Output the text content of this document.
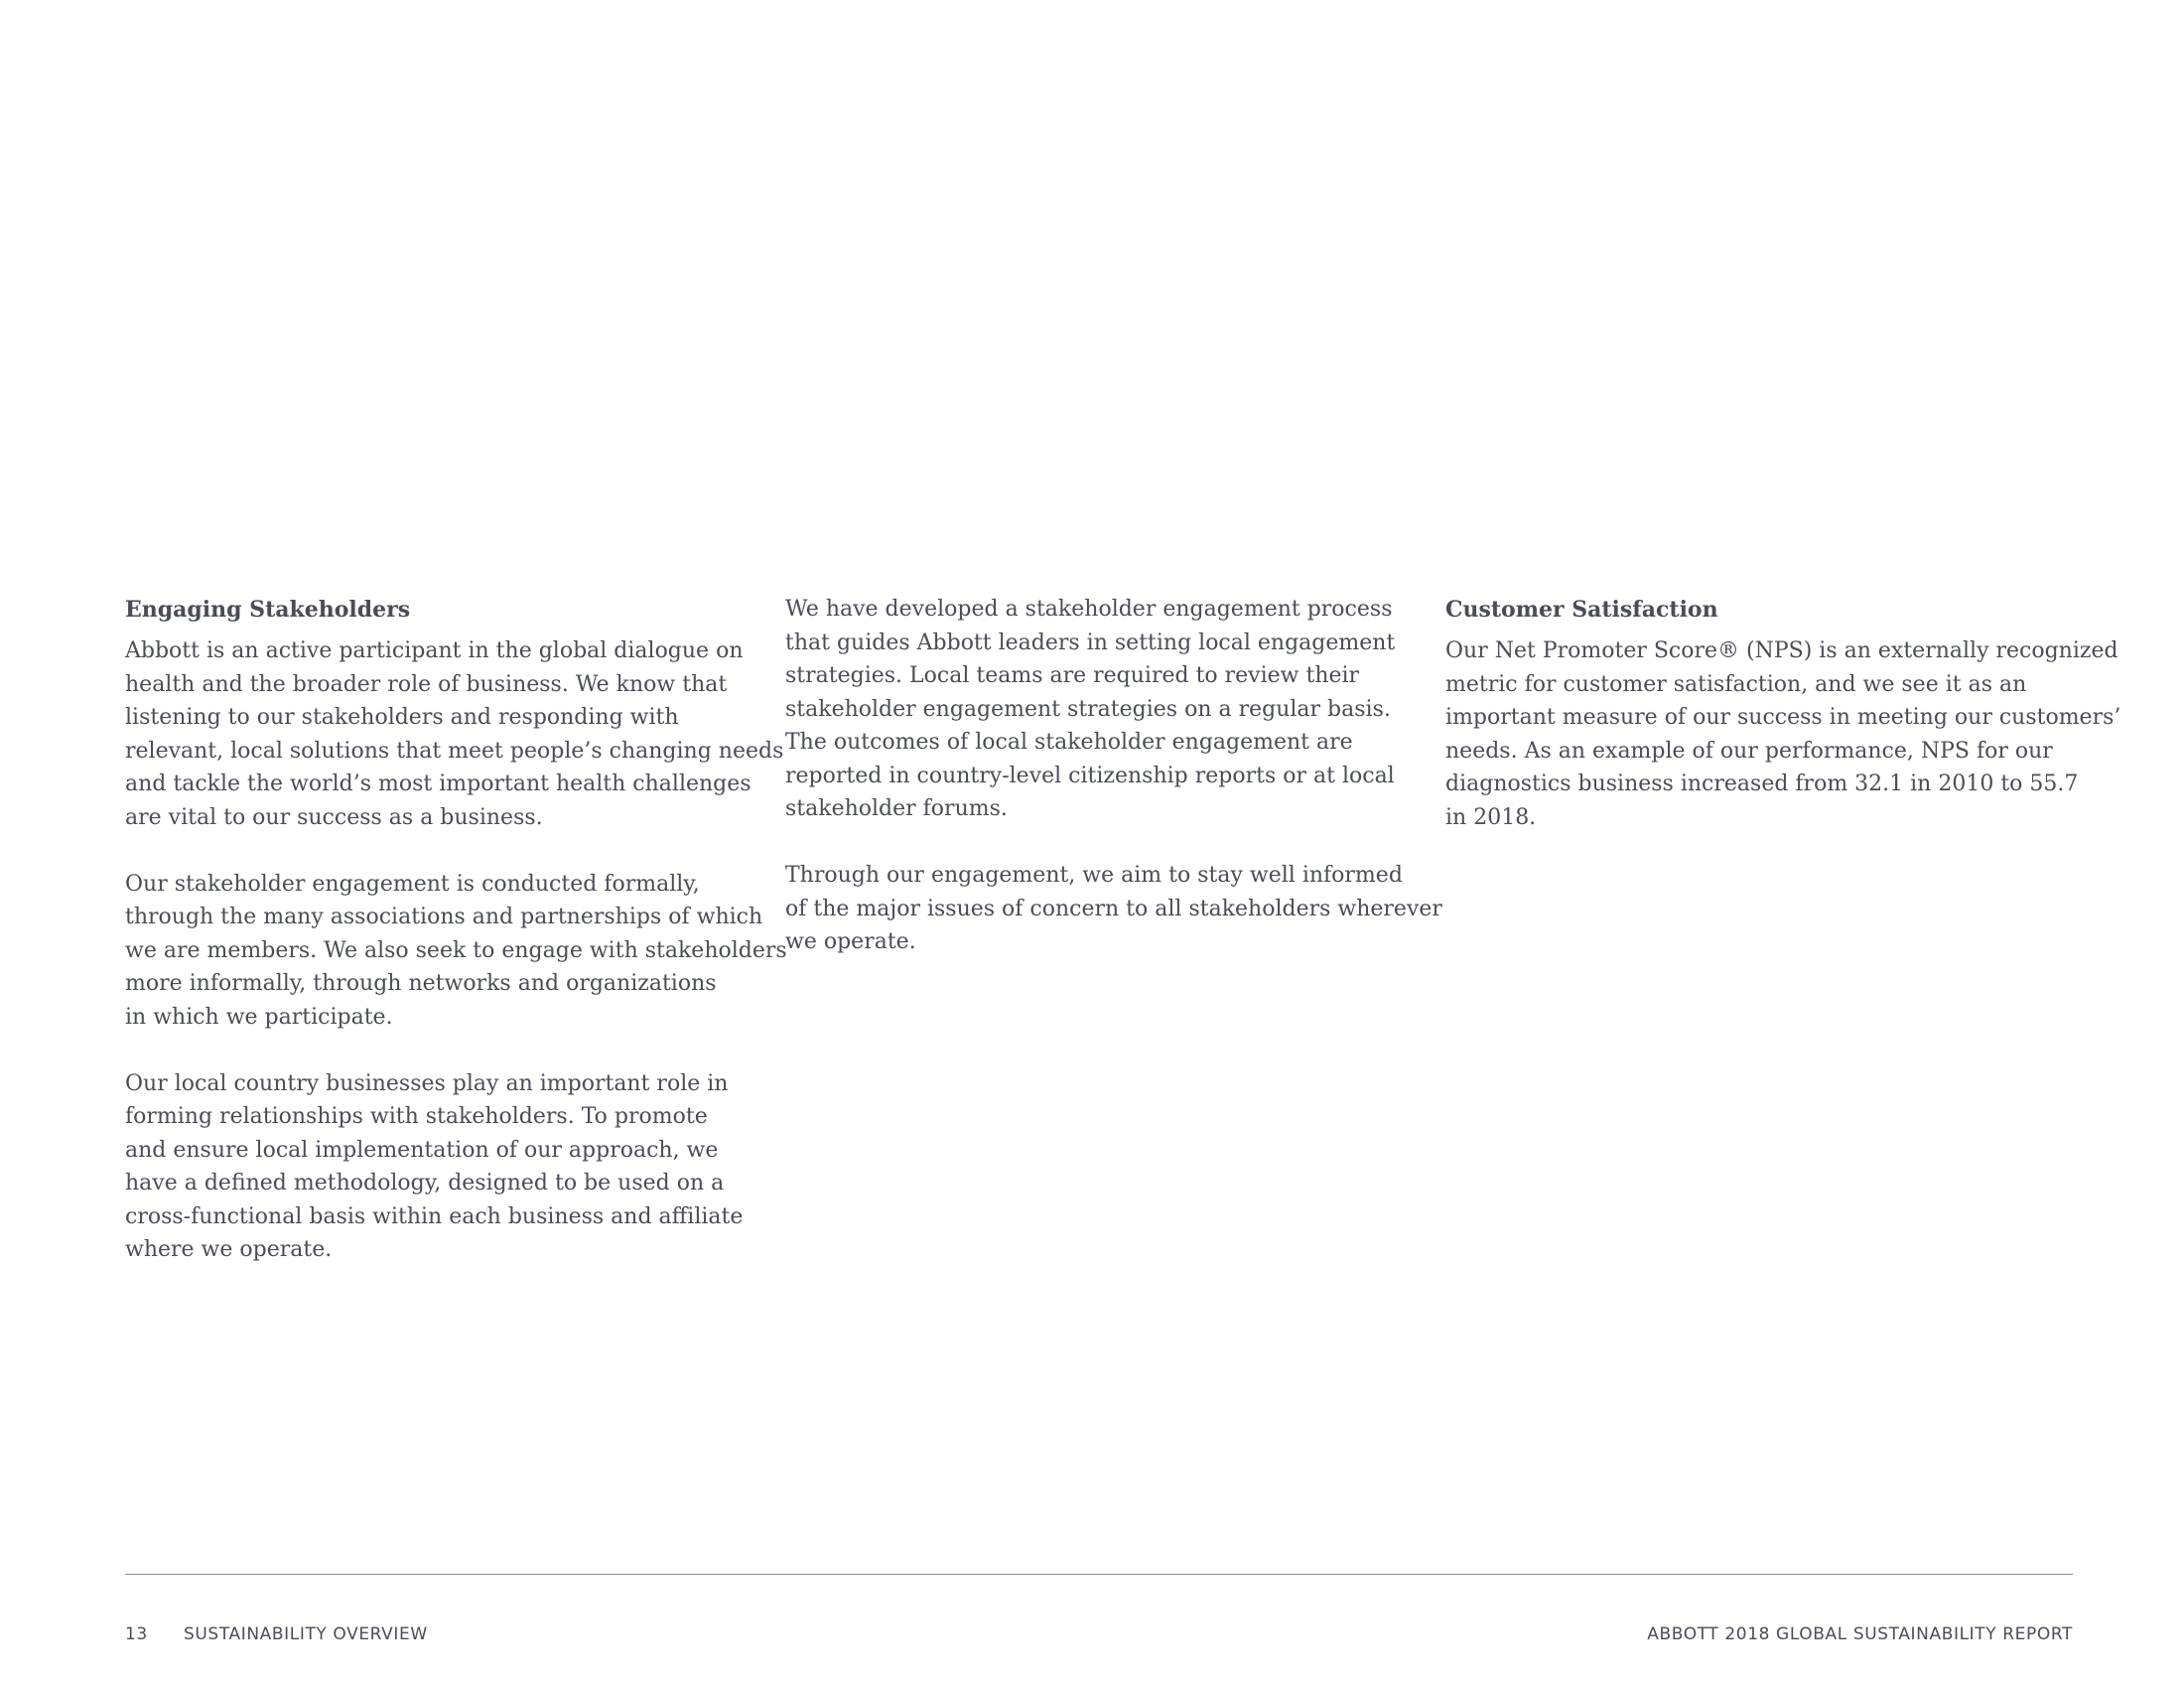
Engaging Stakeholders

Abbott is an active participant in the global dialogue on
health and the broader role of business. We know that
listening to our stakeholders and responding with
relevant, local solutions that meet people’s changing needs
and tackle the world’s most important health challenges
are vital to our success as a business.

Our stakeholder engagement is conducted formally,
through the many associations and partnerships of which
we are members. We also seek to engage with stakeholders
more informally, through networks and organizations
in which we participate.

Our local country businesses play an important role in
forming relationships with stakeholders. To promote
and ensure local implementation of our approach, we
have a defined methodology, designed to be used on a
cross-functional basis within each business and affiliate
where we operate.

We have developed a stakeholder engagement process
that guides Abbott leaders in setting local engagement
strategies. Local teams are required to review their
stakeholder engagement strategies on a regular basis.
The outcomes of local stakeholder engagement are
reported in country-level citizenship reports or at local
stakeholder forums.

Through our engagement, we aim to stay well informed
of the major issues of concern to all stakeholders wherever
we operate.

Customer Satisfaction

Our Net Promoter Score® (NPS) is an externally recognized
metric for customer satisfaction, and we see it as an
important measure of our success in meeting our customers’
needs. As an example of our performance, NPS for our
diagnostics business increased from 32.1 in 2010 to 55.7
in 2018.

13 SUSTAINABILITY OVERVIEW	ABBOTT 2018 GLOBAL SUSTAINABILITY REPORT
